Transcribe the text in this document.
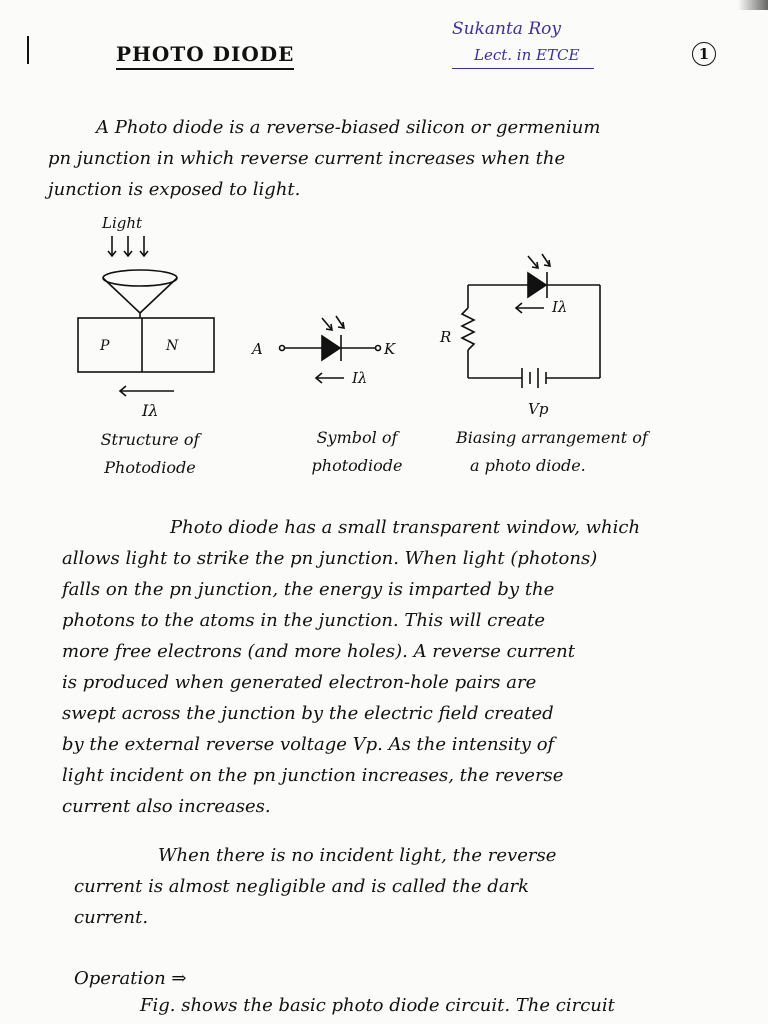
PHOTO DIODE
Sukanta Roy
Lect. in ETCE	1
A Photo diode is a reverse-biased silicon or germenium
pn junction in which reverse current increases when the
junction is exposed to light.
Light
P	N
Iλ
A	K
Iλ
R
Iλ
Vp
Structure of
Photodiode
Symbol of
photodiode
Biasing arrangement of
a photo diode.
Photo diode has a small transparent window, which
allows light to strike the pn junction. When light (photons)
falls on the pn junction, the energy is imparted by the
photons to the atoms in the junction. This will create
more free electrons (and more holes). A reverse current
is produced when generated electron-hole pairs are
swept across the junction by the electric field created
by the external reverse voltage Vp. As the intensity of
light incident on the pn junction increases, the reverse
current also increases.
When there is no incident light, the reverse
current is almost negligible and is called the dark
current.
Operation ⇒
Fig. shows the basic photo diode circuit. The circuit
